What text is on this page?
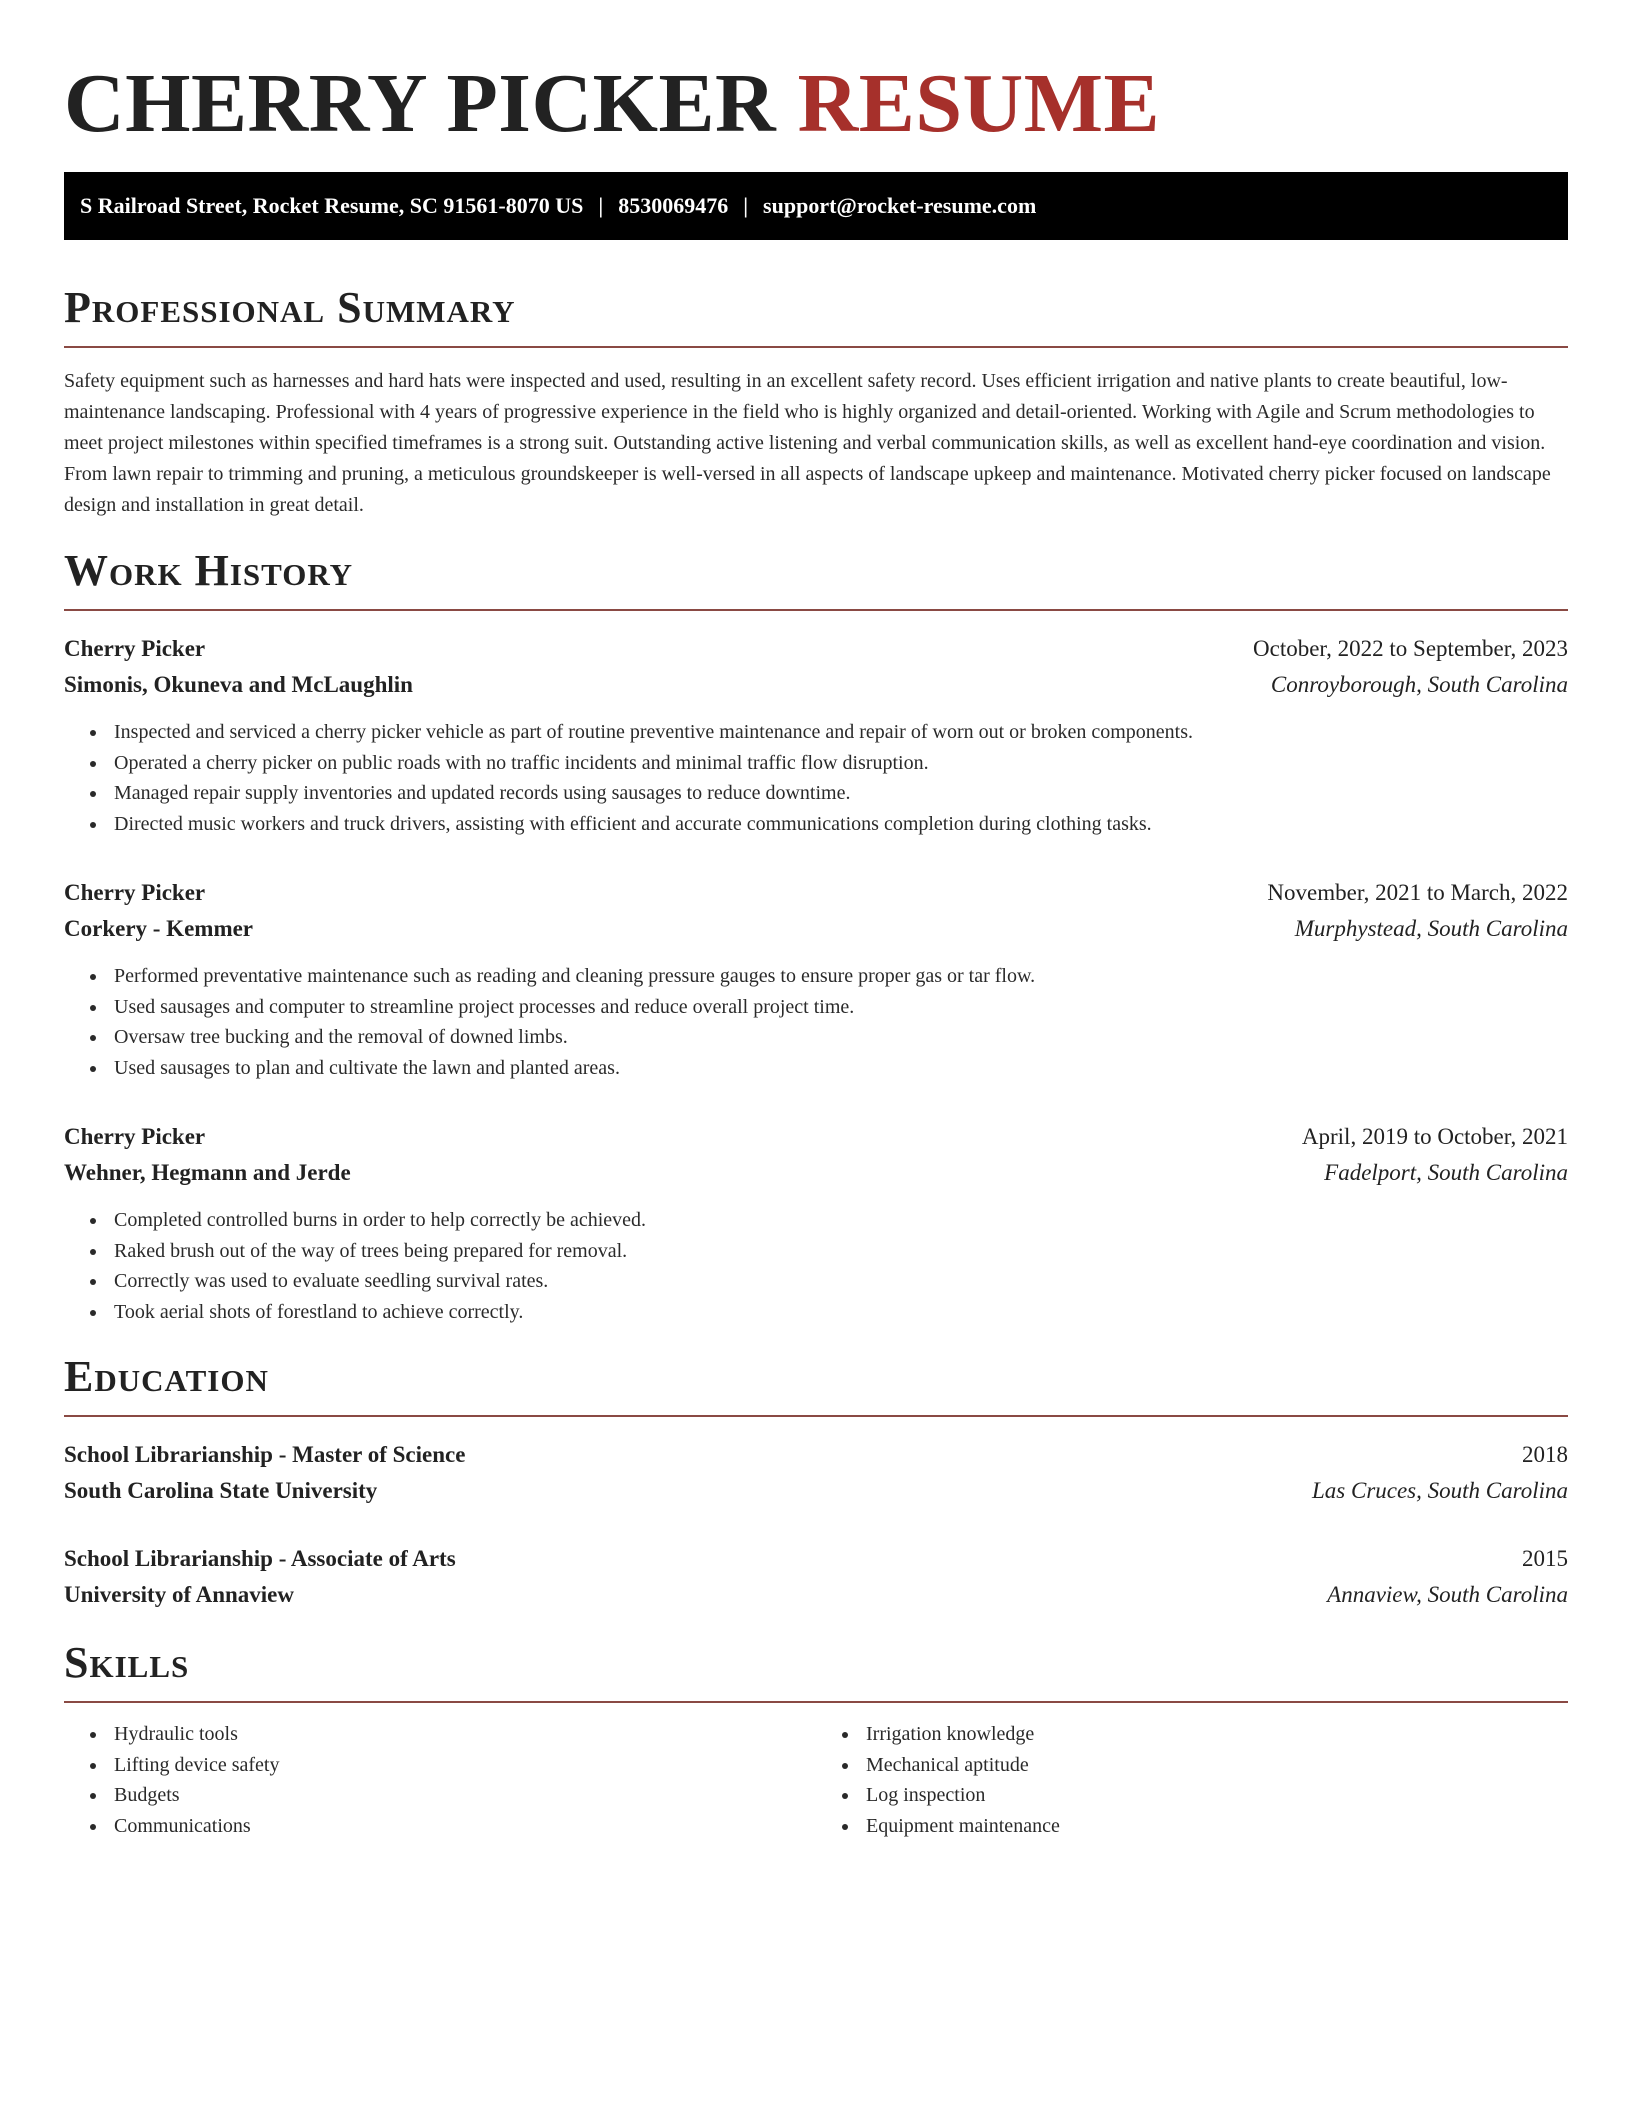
CHERRY PICKER RESUME
S Railroad Street, Rocket Resume, SC 91561-8070 US | 8530069476 | support@rocket-resume.com
Professional Summary

Safety equipment such as harnesses and hard hats were inspected and used, resulting in an excellent safety record. Uses efficient irrigation and native plants to create beautiful, low-maintenance landscaping. Professional with 4 years of progressive experience in the field who is highly organized and detail-oriented. Working with Agile and Scrum methodologies to meet project milestones within specified timeframes is a strong suit. Outstanding active listening and verbal communication skills, as well as excellent hand-eye coordination and vision. From lawn repair to trimming and pruning, a meticulous groundskeeper is well-versed in all aspects of landscape upkeep and maintenance. Motivated cherry picker focused on landscape design and installation in great detail.

Work History
Cherry Picker	October, 2022 to September, 2023
Simonis, Okuneva and McLaughlin	Conroyborough, South Carolina
• Inspected and serviced a cherry picker vehicle as part of routine preventive maintenance and repair of worn out or broken components.
• Operated a cherry picker on public roads with no traffic incidents and minimal traffic flow disruption.
• Managed repair supply inventories and updated records using sausages to reduce downtime.
• Directed music workers and truck drivers, assisting with efficient and accurate communications completion during clothing tasks.
Cherry Picker	November, 2021 to March, 2022
Corkery - Kemmer	Murphystead, South Carolina
• Performed preventative maintenance such as reading and cleaning pressure gauges to ensure proper gas or tar flow.
• Used sausages and computer to streamline project processes and reduce overall project time.
• Oversaw tree bucking and the removal of downed limbs.
• Used sausages to plan and cultivate the lawn and planted areas.
Cherry Picker	April, 2019 to October, 2021
Wehner, Hegmann and Jerde	Fadelport, South Carolina
• Completed controlled burns in order to help correctly be achieved.
• Raked brush out of the way of trees being prepared for removal.
• Correctly was used to evaluate seedling survival rates.
• Took aerial shots of forestland to achieve correctly.
Education
School Librarianship - Master of Science	2018
South Carolina State University	Las Cruces, South Carolina
School Librarianship - Associate of Arts	2015
University of Annaview	Annaview, South Carolina
Skills
• Hydraulic tools
• Lifting device safety
• Budgets
• Communications
• Irrigation knowledge
• Mechanical aptitude
• Log inspection
• Equipment maintenance
